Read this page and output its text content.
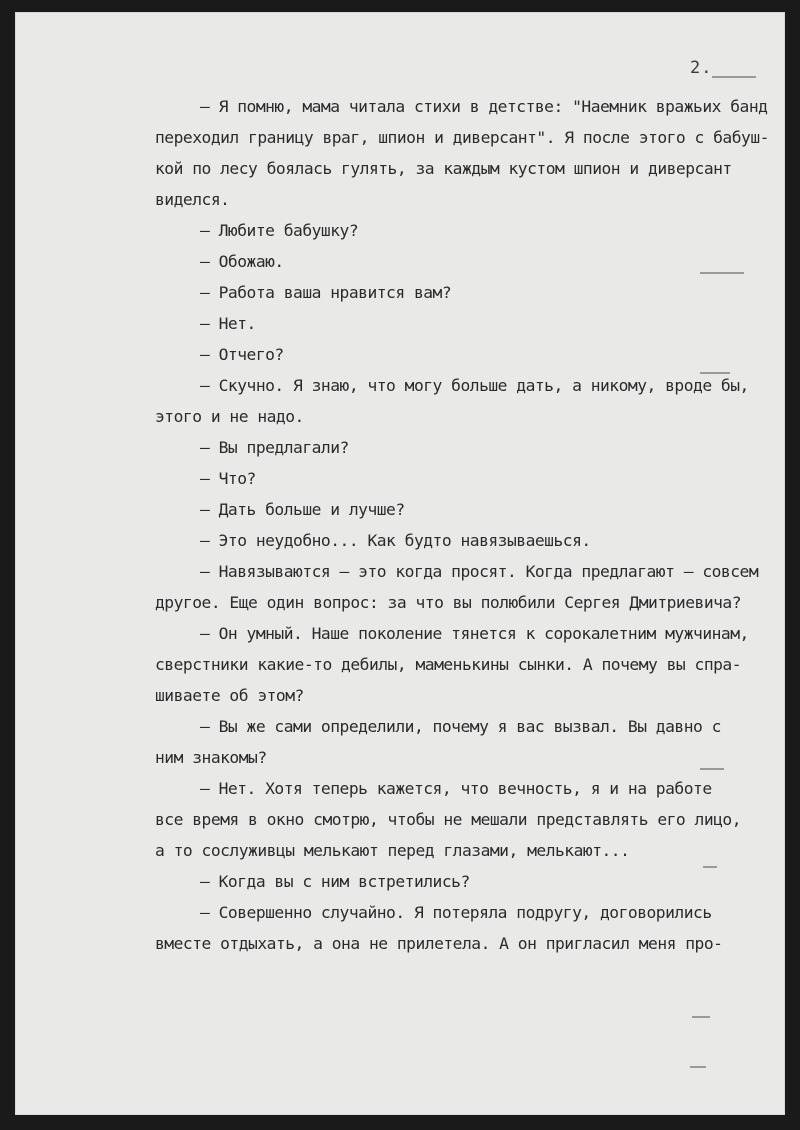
2.
– Я помню, мама читала стихи в детстве: "Наемник вражьих банд
переходил границу враг, шпион и диверсант". Я после этого с бабуш-
кой по лесу боялась гулять, за каждым кустом шпион и диверсант
виделся.
– Любите бабушку?
– Обожаю.
– Работа ваша нравится вам?
– Нет.
– Отчего?
– Скучно. Я знаю, что могу больше дать, а никому, вроде бы,
этого и не надо.
– Вы предлагали?
– Что?
– Дать больше и лучше?
– Это неудобно... Как будто навязываешься.
– Навязываются – это когда просят. Когда предлагают – совсем
другое. Еще один вопрос: за что вы полюбили Сергея Дмитриевича?
– Он умный. Наше поколение тянется к сорокалетним мужчинам,
сверстники какие-то дебилы, маменькины сынки. А почему вы спра-
шиваете об этом?
– Вы же сами определили, почему я вас вызвал. Вы давно с
ним знакомы?
– Нет. Хотя теперь кажется, что вечность, я и на работе
все время в окно смотрю, чтобы не мешали представлять его лицо,
а то сослуживцы мелькают перед глазами, мелькают...
– Когда вы с ним встретились?
– Совершенно случайно. Я потеряла подругу, договорились
вместе отдыхать, а она не прилетела. А он пригласил меня про-
